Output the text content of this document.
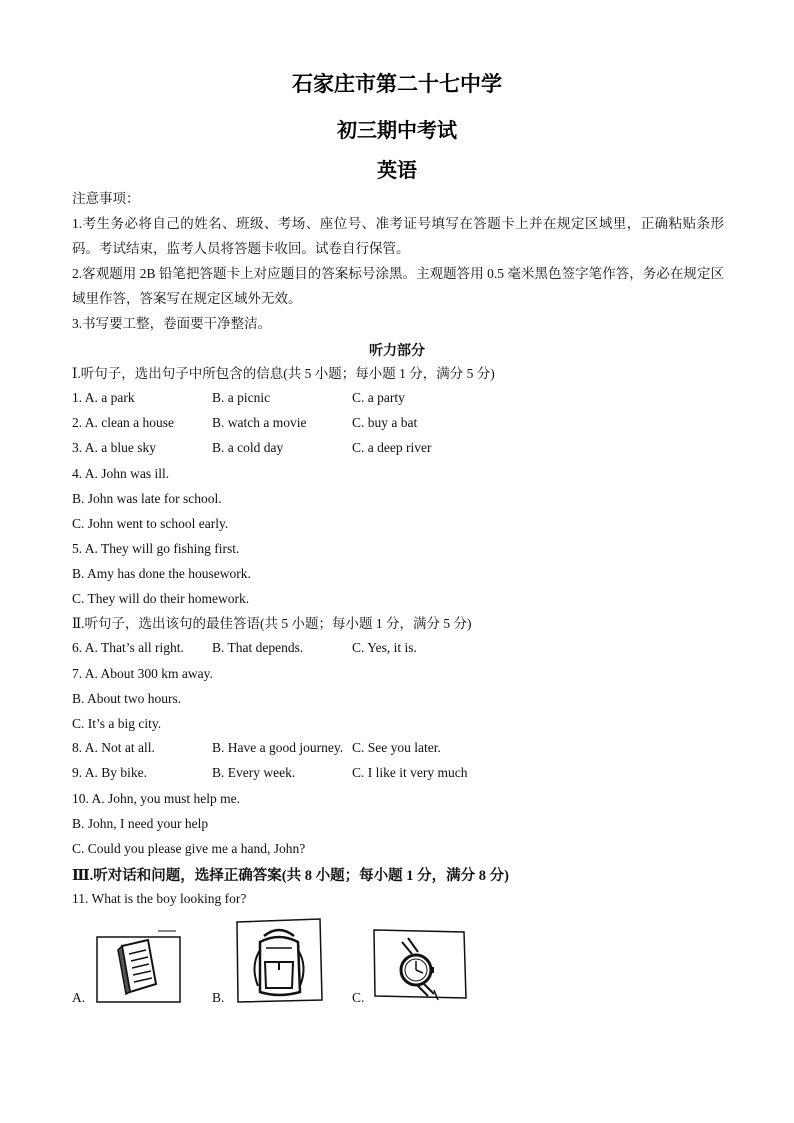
石家庄市第二十七中学
初三期中考试
英语
注意事项：
1.考生务必将自己的姓名、班级、考场、座位号、准考证号填写在答题卡上并在规定区域里，正确粘贴条形码。考试结束，监考人员将答题卡收回。试卷自行保管。
2.客观题用 2B 铅笔把答题卡上对应题目的答案标号涂黑。主观题答用 0.5 毫米黑色签字笔作答，务必在规定区域里作答，答案写在规定区域外无效。
3.书写要工整，卷面要干净整洁。
听力部分
Ⅰ.听句子，选出句子中所包含的信息(共 5 小题；每小题 1 分，满分 5 分)
1. A. a park	B. a picnic	C. a party
2. A. clean a house	B. watch a movie	C. buy a bat
3. A. a blue sky	B. a cold day	C. a deep river
4. A. John was ill.
B. John was late for school.
C. John went to school early.
5. A. They will go fishing first.
B. Amy has done the housework.
C. They will do their homework.
Ⅱ.听句子，选出该句的最佳答语(共 5 小题；每小题 1 分，满分 5 分)
6. A. That’s all right. B. That depends.	C. Yes, it is.
7. A. About 300 km away.
B. About two hours.
C. It’s a big city.
8. A. Not at all.	B. Have a good journey. C. See you later.
9. A. By bike.	B. Every week.	C. I like it very much
10. A. John, you must help me.
B. John, I need your help
C. Could you please give me a hand, John?
Ⅲ.听对话和问题，选择正确答案(共 8 小题；每小题 1 分，满分 8 分)
11. What is the boy looking for?
A.	B.	C.
